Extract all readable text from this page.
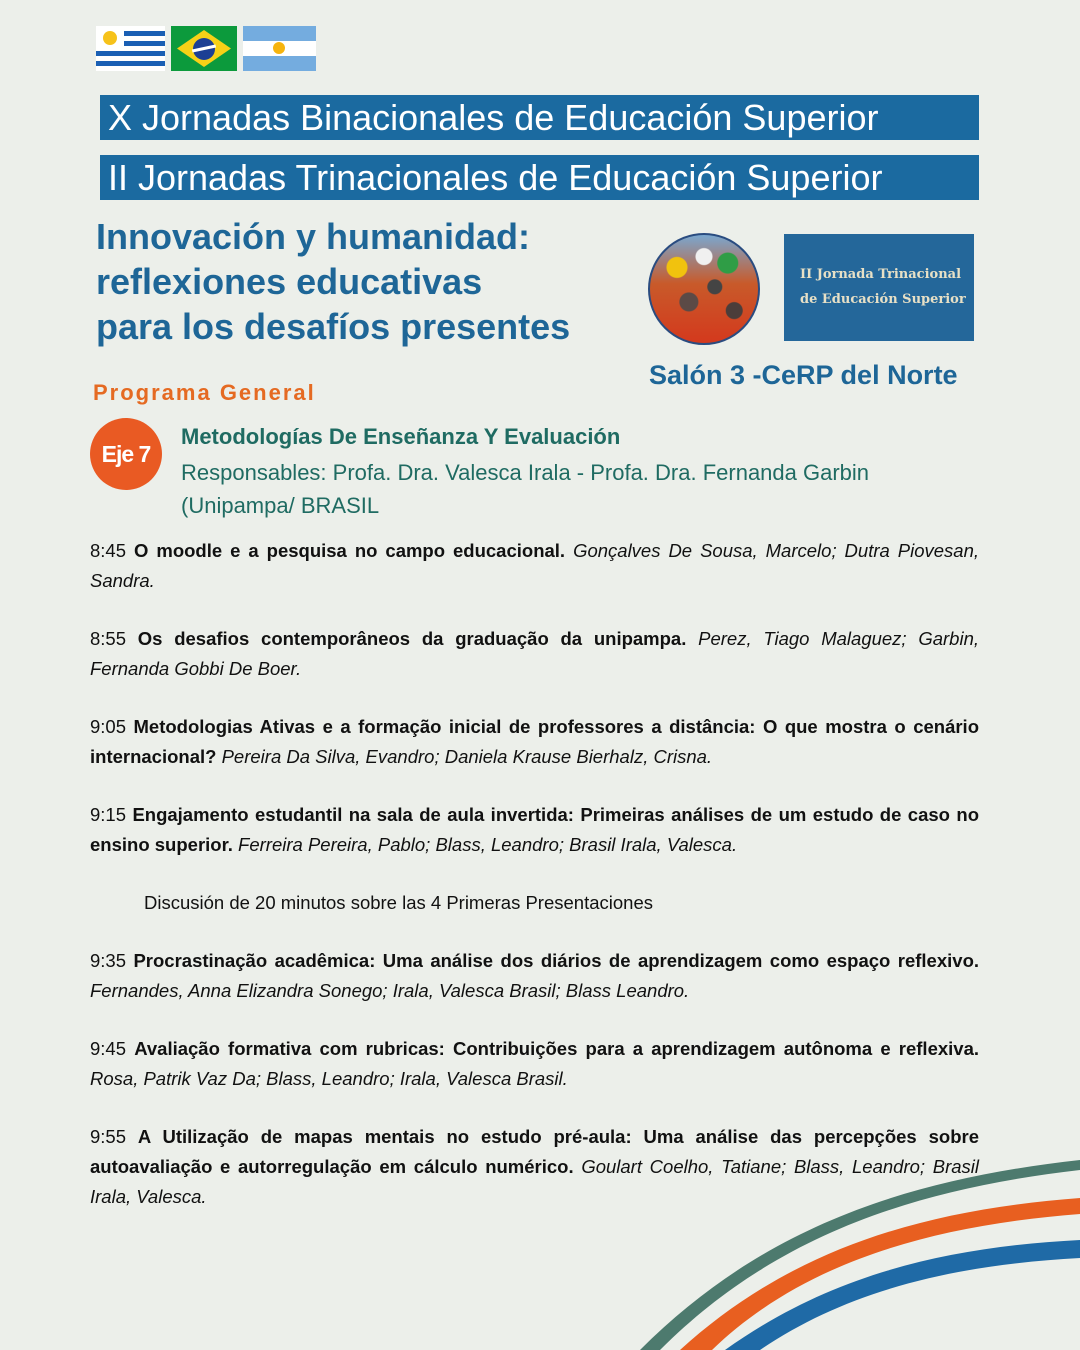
X Jornadas Binacionales de Educación Superior
II Jornadas Trinacionales de Educación Superior
Innovación y humanidad:
reflexiones educativas
para los desafíos presentes
II Jornada Trinacional
de Educación Superior
Salón 3 -CeRP del Norte
Programa General
Eje 7
Metodologías De Enseñanza Y Evaluación
Responsables: Profa. Dra. Valesca Irala - Profa. Dra. Fernanda Garbin (Unipampa/ BRASIL

8:45 O moodle e a pesquisa no campo educacional. Gonçalves De Sousa, Marcelo; Dutra Piovesan, Sandra.

8:55 Os desafios contemporâneos da graduação da unipampa. Perez, Tiago Malaguez; Garbin, Fernanda Gobbi De Boer.

9:05 Metodologias Ativas e a formação inicial de professores a distância: O que mostra o cenário internacional? Pereira Da Silva, Evandro; Daniela Krause Bierhalz, Crisna.

9:15 Engajamento estudantil na sala de aula invertida: Primeiras análises de um estudo de caso no ensino superior. Ferreira Pereira, Pablo; Blass, Leandro; Brasil Irala, Valesca.

Discusión de 20 minutos sobre las 4 Primeras Presentaciones

9:35 Procrastinação acadêmica: Uma análise dos diários de aprendizagem como espaço reflexivo. Fernandes, Anna Elizandra Sonego; Irala, Valesca Brasil; Blass Leandro.

9:45 Avaliação formativa com rubricas: Contribuições para a aprendizagem autônoma e reflexiva. Rosa, Patrik Vaz Da; Blass, Leandro; Irala, Valesca Brasil.

9:55 A Utilização de mapas mentais no estudo pré-aula: Uma análise das percepções sobre autoavaliação e autorregulação em cálculo numérico. Goulart Coelho, Tatiane; Blass, Leandro; Brasil Irala, Valesca.
